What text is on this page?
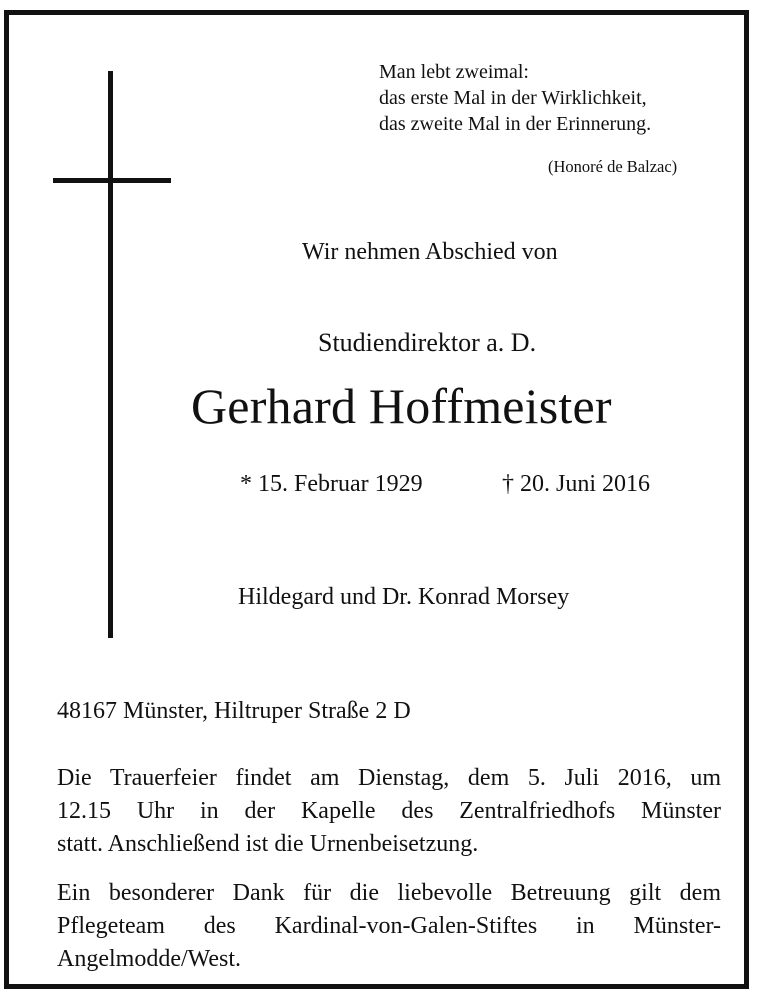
Man lebt zweimal:
das erste Mal in der Wirklichkeit,
das zweite Mal in der Erinnerung.
(Honoré de Balzac)
Wir nehmen Abschied von
Studiendirektor a. D.
Gerhard Hoffmeister
* 15. Februar 1929	† 20. Juni 2016
Hildegard und Dr. Konrad Morsey
48167 Münster, Hiltruper Straße 2 D
Die Trauerfeier findet am Dienstag, dem 5. Juli 2016, um
12.15 Uhr in der Kapelle des Zentralfriedhofs Münster
statt. Anschließend ist die Urnenbeisetzung.
Ein besonderer Dank für die liebevolle Betreuung gilt dem
Pflegeteam des Kardinal-von-Galen-Stiftes in Münster-
Angelmodde/West.
